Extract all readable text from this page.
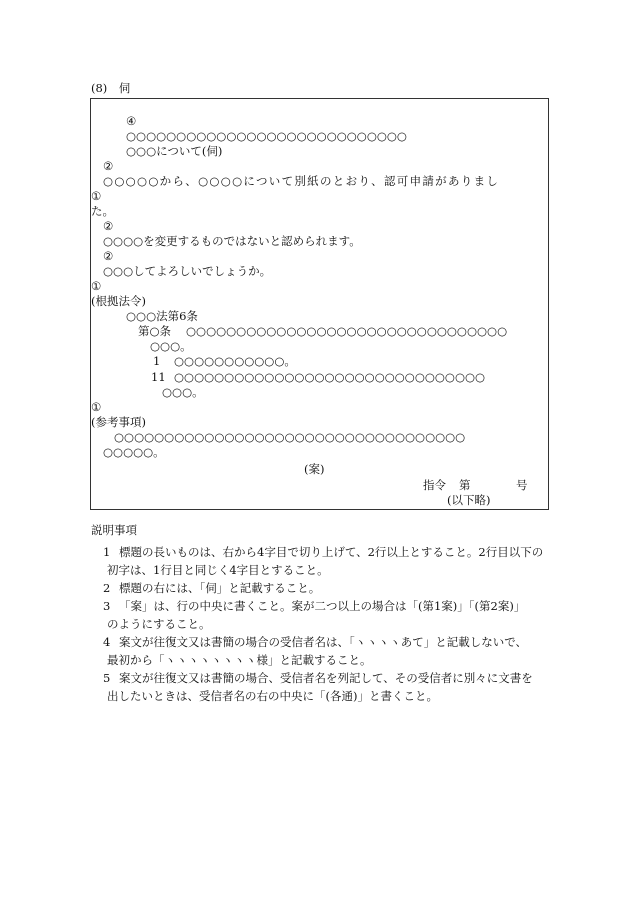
(8)　伺
④
○○○○○○○○○○○○○○○○○○○○○○○○○○○○
○○○について(伺)
②
○○○○○から、○○○○について別紙のとおり、認可申請がありまし
①
た。
②
○○○○を変更するものではないと認められます。
②
○○○してよろしいでしょうか。
①
(根拠法令)
○○○法第6条
第○条 ○○○○○○○○○○○○○○○○○○○○○○○○○○○○○○○○
○○○。
1 ○○○○○○○○○○○。
11 ○○○○○○○○○○○○○○○○○○○○○○○○○○○○○○○
○○○。
①
(参考事項)
○○○○○○○○○○○○○○○○○○○○○○○○○○○○○○○○○○○
○○○○○。
(案)
指令 第	号
(以下略)
説明事項
1 標題の長いものは、右から4字目で切り上げて、2行以上とすること。2行目以下の
初字は、1行目と同じく4字目とすること。
2 標題の右には、「伺」と記載すること。
3 「案」は、行の中央に書くこと。案が二つ以上の場合は「(第1案)」「(第2案)」
のようにすること。
4 案文が往復文又は書簡の場合の受信者名は、「ヽヽヽヽあて」と記載しないで、
最初から「ヽヽヽヽヽヽヽヽ様」と記載すること。
5 案文が往復文又は書簡の場合、受信者名を列記して、その受信者に別々に文書を
出したいときは、受信者名の右の中央に「(各通)」と書くこと。
